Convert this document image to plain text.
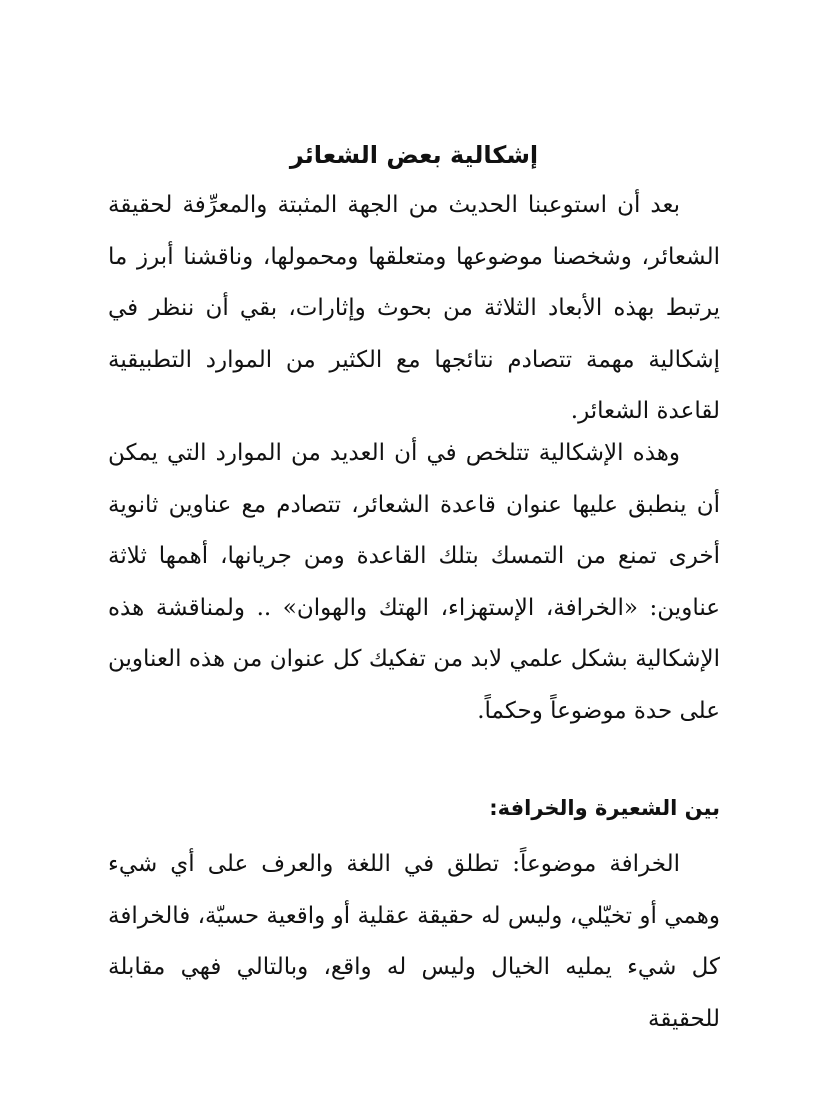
إشكالية بعض الشعائر

بعد أن استوعبنا الحديث من الجهة المثبتة والمعرِّفة لحقيقة الشعائر، وشخصنا موضوعها ومتعلقها ومحمولها، وناقشنا أبرز ما يرتبط بهذه الأبعاد الثلاثة من بحوث وإثارات، بقي أن ننظر في إشكالية مهمة تتصادم نتائجها مع الكثير من الموارد التطبيقية لقاعدة الشعائر.

وهذه الإشكالية تتلخص في أن العديد من الموارد التي يمكن أن ينطبق عليها عنوان قاعدة الشعائر، تتصادم مع عناوين ثانوية أخرى تمنع من التمسك بتلك القاعدة ومن جريانها، أهمها ثلاثة عناوين: «الخرافة، الإستهزاء، الهتك والهوان» .. ولمناقشة هذه الإشكالية بشكل علمي لابد من تفكيك كل عنوان من هذه العناوين على حدة موضوعاً وحكماً.

بين الشعيرة والخرافة:

الخرافة موضوعاً: تطلق في اللغة والعرف على أي شيء وهمي أو تخيّلي، وليس له حقيقة عقلية أو واقعية حسيّة، فالخرافة كل شيء يمليه الخيال وليس له واقع، وبالتالي فهي مقابلة للحقيقة
